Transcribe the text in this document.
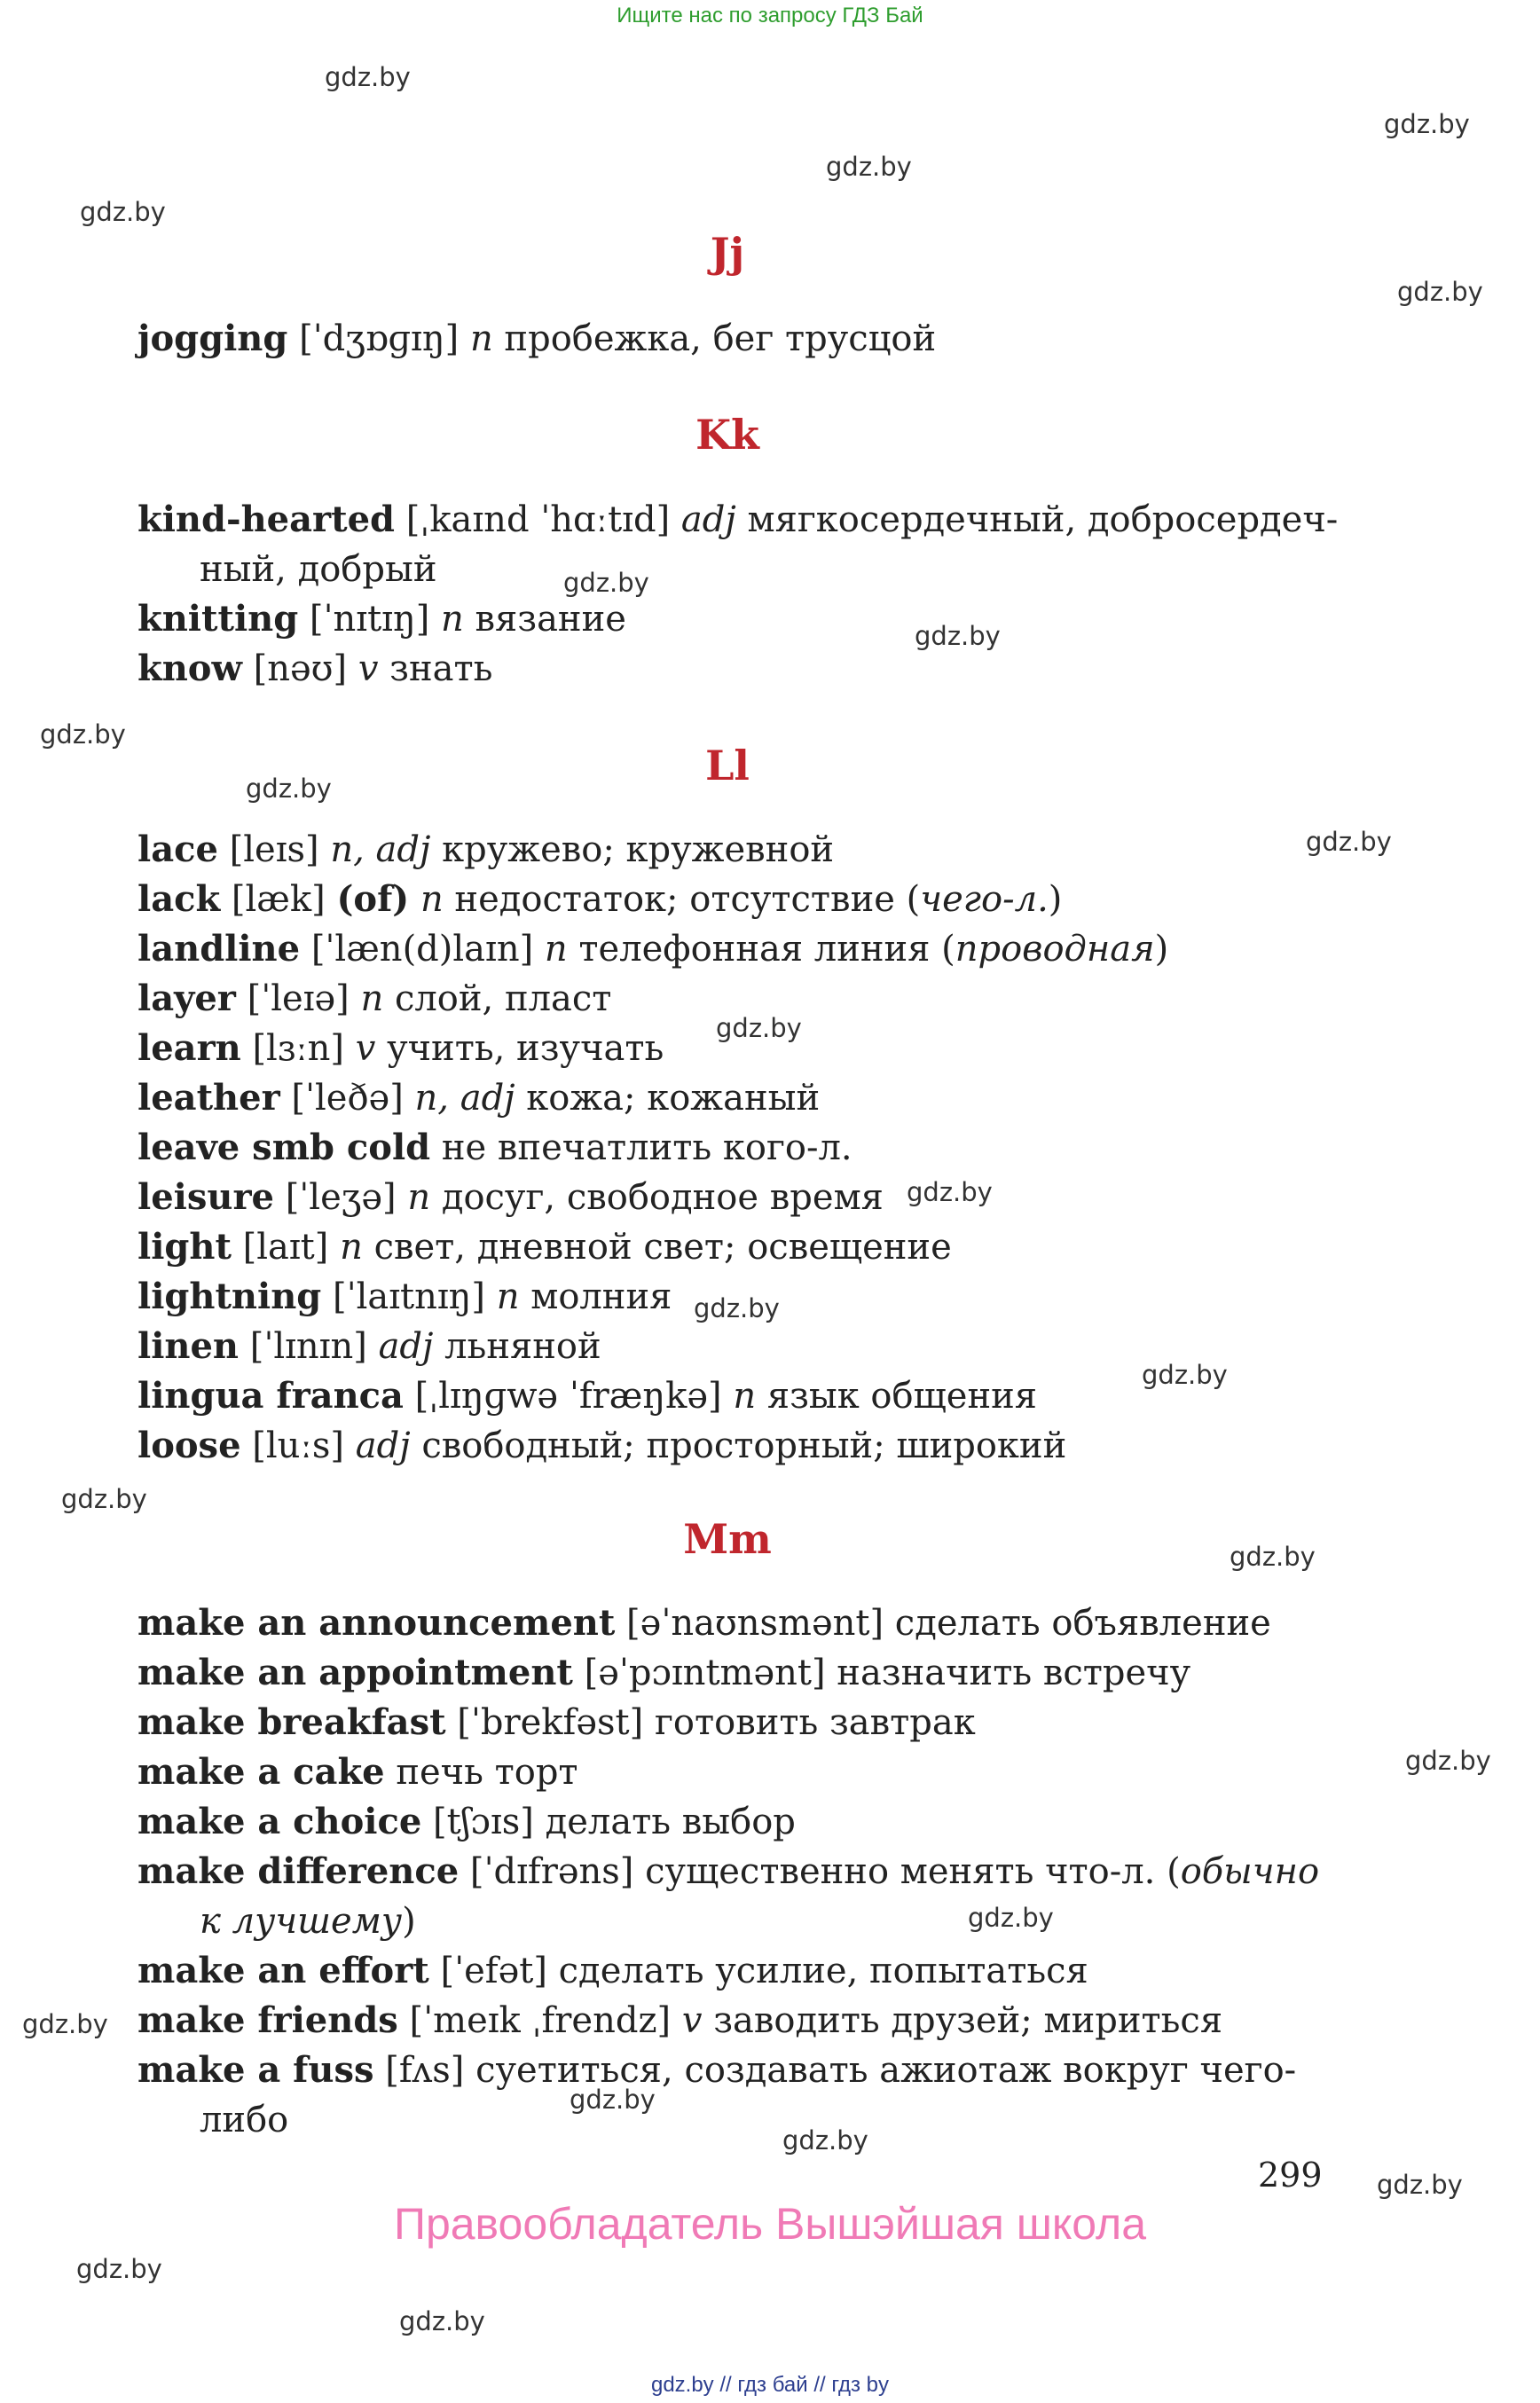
Ищите нас по запросу ГДЗ Бай
gdz.by
gdz.by
gdz.by
gdz.by
gdz.by
gdz.by
gdz.by
gdz.by
gdz.by
gdz.by
gdz.by
gdz.by
gdz.by
gdz.by
gdz.by
gdz.by
gdz.by
gdz.by
gdz.by
gdz.by
gdz.by
gdz.by
gdz.by
gdz.by
Jj
jogging [ˈdʒɒɡɪŋ] n пробежка, бег трусцой
Kk
kind-hearted [ˌkaɪnd ˈhɑːtɪd] adj мягкосердечный, добросердеч-
ный, добрый
knitting [ˈnɪtɪŋ] n вязание
know [nəʊ] v знать
Ll
lace [leɪs] n, adj кружево; кружевной
lack [læk] (of) n недостаток; отсутствие (чего-л.)
landline [ˈlæn(d)laɪn] n телефонная линия (проводная)
layer [ˈleɪə] n слой, пласт
learn [lɜːn] v учить, изучать
leather [ˈleðə] n, adj кожа; кожаный
leave smb cold не впечатлить кого-л.
leisure [ˈleʒə] n досуг, свободное время
light [laɪt] n свет, дневной свет; освещение
lightning [ˈlaɪtnɪŋ] n молния
linen [ˈlɪnɪn] adj льняной
lingua franca [ˌlɪŋɡwə ˈfræŋkə] n язык общения
loose [luːs] adj свободный; просторный; широкий
Mm
make an announcement [əˈnaʊnsmənt] сделать объявление
make an appointment [əˈpɔɪntmənt] назначить встречу
make breakfast [ˈbrekfəst] готовить завтрак
make a cake печь торт
make a choice [tʃɔɪs] делать выбор
make difference [ˈdɪfrəns] существенно менять что-л. (обычно
к лучшему)
make an effort [ˈefət] сделать усилие, попытаться
make friends [ˈmeɪk ˌfrendz] v заводить друзей; мириться
make a fuss [fʌs] суетиться, создавать ажиотаж вокруг чего-
либо
299
Правообладатель Вышэйшая школа
gdz.by // гдз бай // гдз by
